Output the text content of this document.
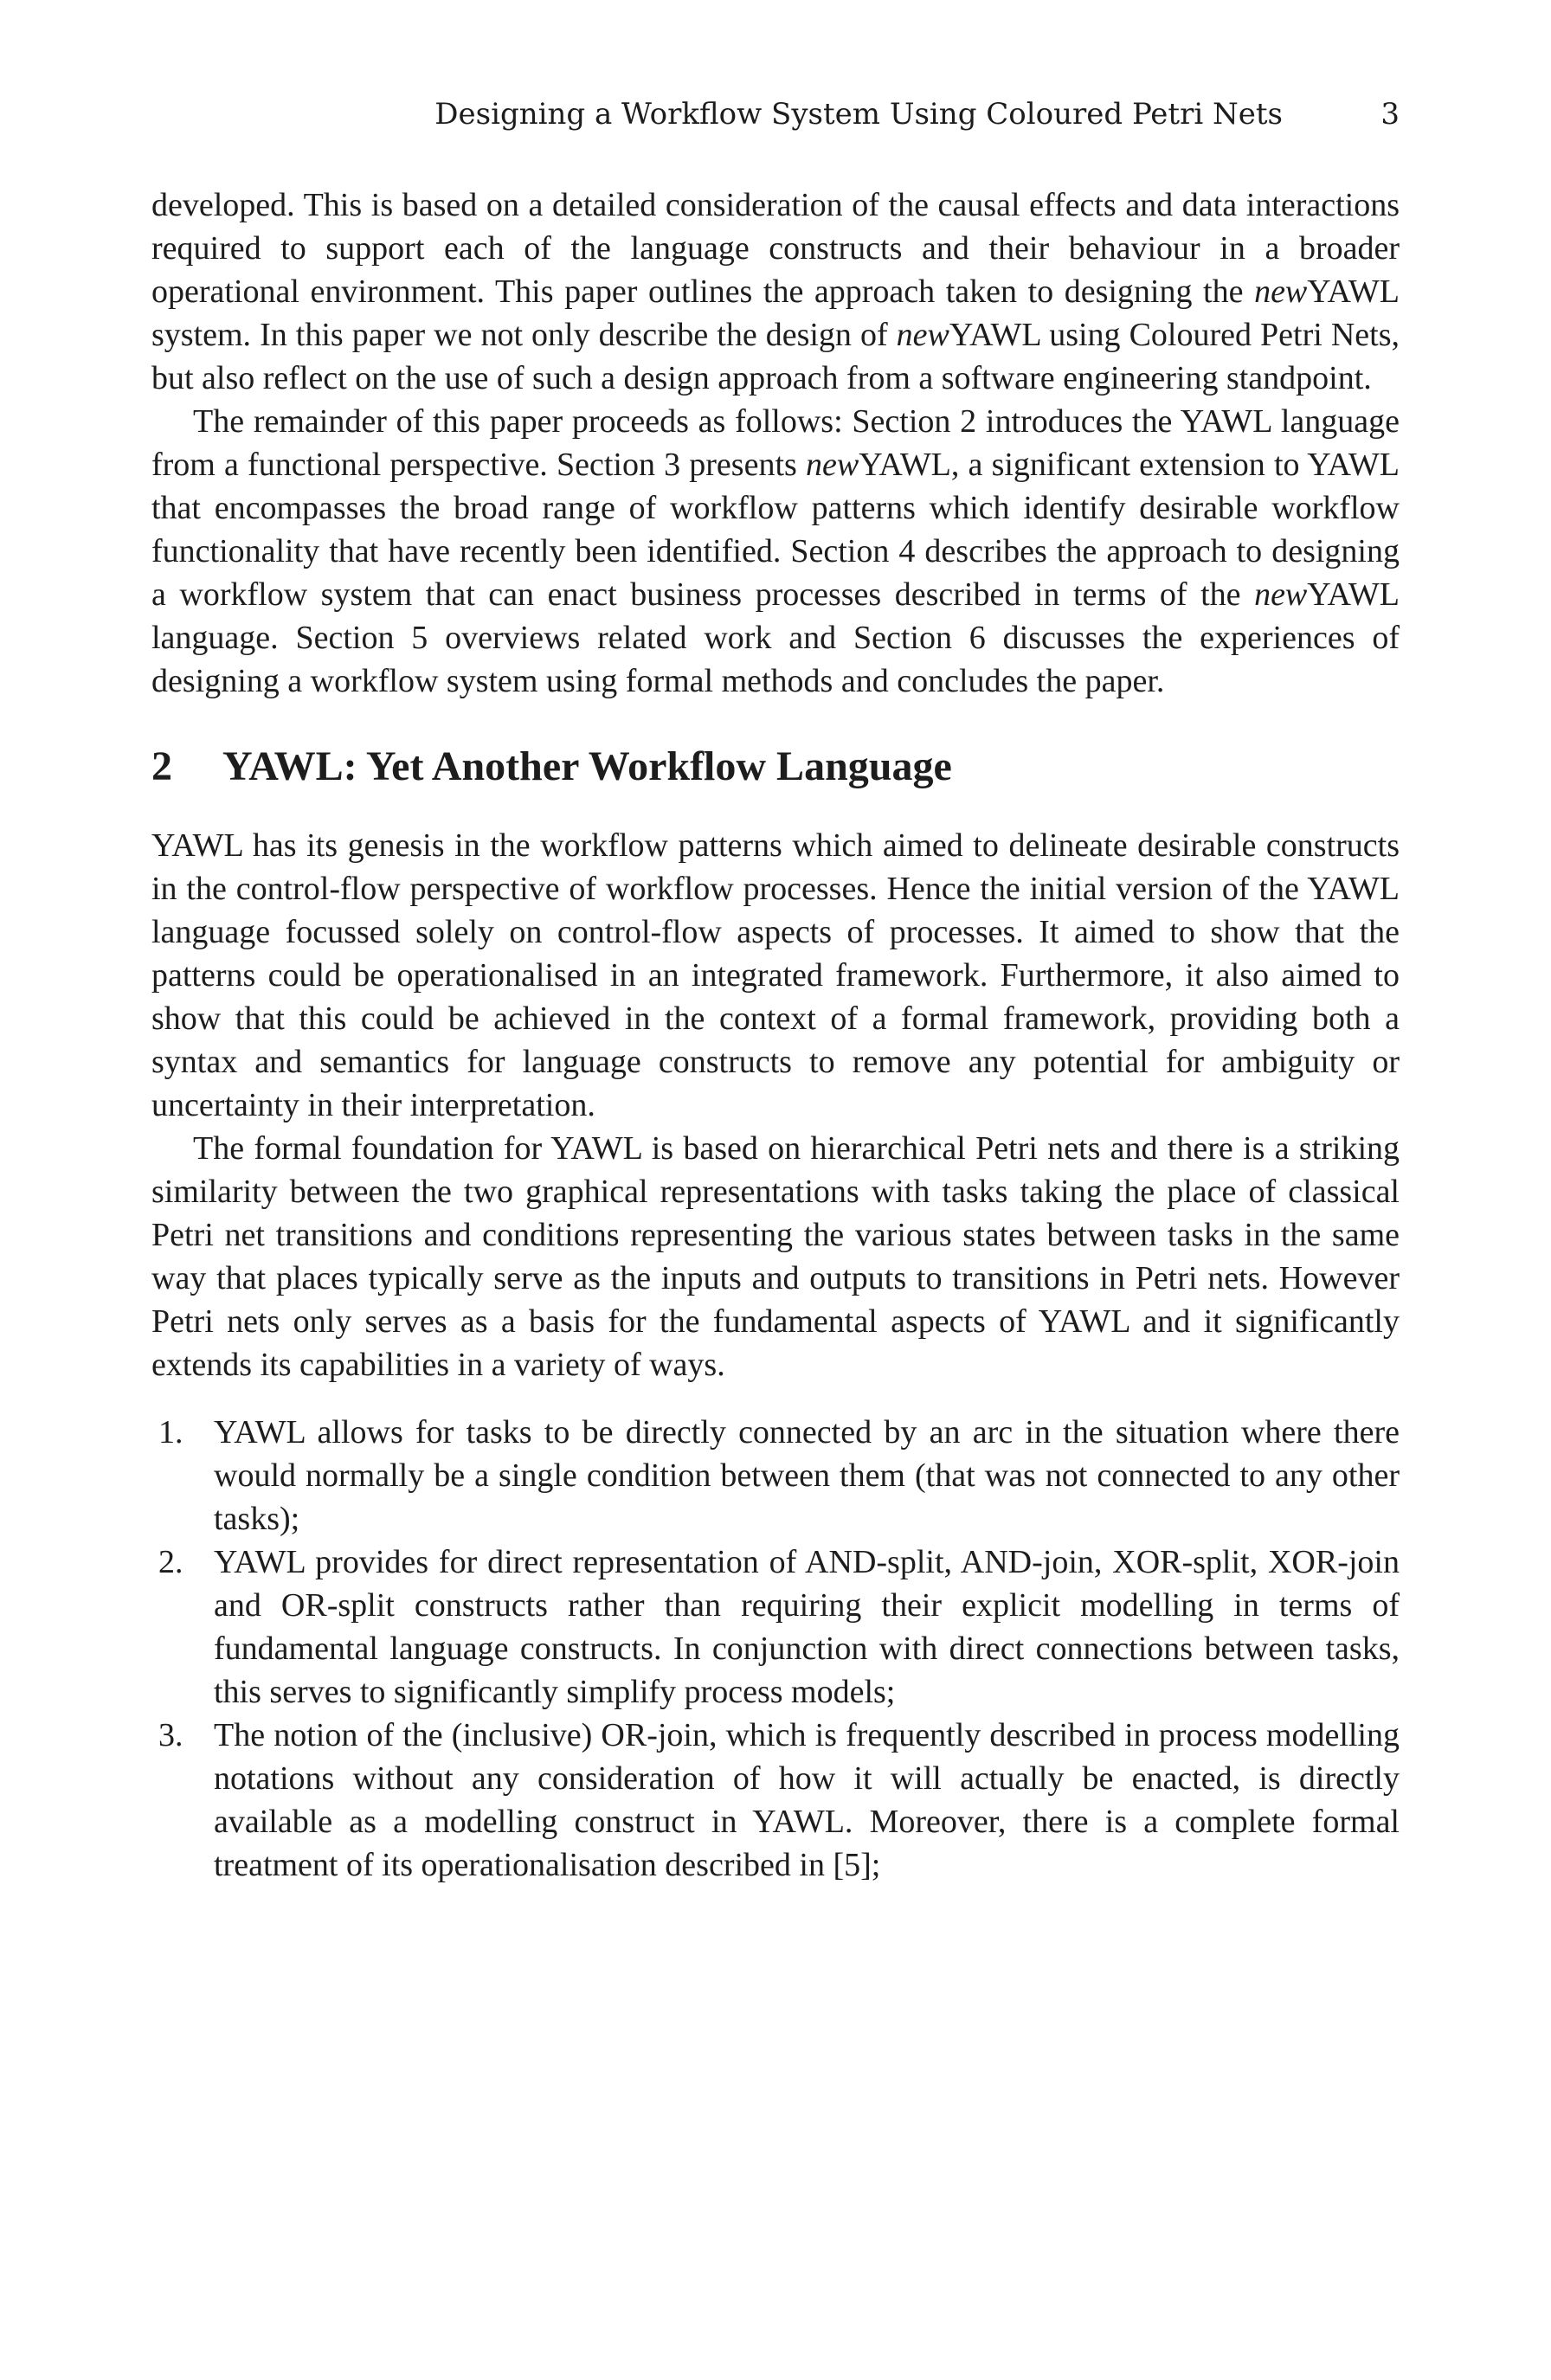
Designing a Workflow System Using Coloured Petri Nets	3

developed. This is based on a detailed consideration of the causal effects and data interactions required to support each of the language constructs and their behaviour in a broader operational environment. This paper outlines the approach taken to designing the newYAWL system. In this paper we not only describe the design of newYAWL using Coloured Petri Nets, but also reflect on the use of such a design approach from a software engineering standpoint.

The remainder of this paper proceeds as follows: Section 2 introduces the YAWL language from a functional perspective. Section 3 presents newYAWL, a significant extension to YAWL that encompasses the broad range of workflow patterns which identify desirable workflow functionality that have recently been identified. Section 4 describes the approach to designing a workflow system that can enact business processes described in terms of the newYAWL language. Section 5 overviews related work and Section 6 discusses the experiences of designing a workflow system using formal methods and concludes the paper.

2 YAWL: Yet Another Workflow Language

YAWL has its genesis in the workflow patterns which aimed to delineate desirable constructs in the control-flow perspective of workflow processes. Hence the initial version of the YAWL language focussed solely on control-flow aspects of processes. It aimed to show that the patterns could be operationalised in an integrated framework. Furthermore, it also aimed to show that this could be achieved in the context of a formal framework, providing both a syntax and semantics for language constructs to remove any potential for ambiguity or uncertainty in their interpretation.

The formal foundation for YAWL is based on hierarchical Petri nets and there is a striking similarity between the two graphical representations with tasks taking the place of classical Petri net transitions and conditions representing the various states between tasks in the same way that places typically serve as the inputs and outputs to transitions in Petri nets. However Petri nets only serves as a basis for the fundamental aspects of YAWL and it significantly extends its capabilities in a variety of ways.

1. YAWL allows for tasks to be directly connected by an arc in the situation where there would normally be a single condition between them (that was not connected to any other tasks);
2. YAWL provides for direct representation of AND-split, AND-join, XOR-split, XOR-join and OR-split constructs rather than requiring their explicit modelling in terms of fundamental language constructs. In conjunction with direct connections between tasks, this serves to significantly simplify process models;
3. The notion of the (inclusive) OR-join, which is frequently described in process modelling notations without any consideration of how it will actually be enacted, is directly available as a modelling construct in YAWL. Moreover, there is a complete formal treatment of its operationalisation described in [5];
